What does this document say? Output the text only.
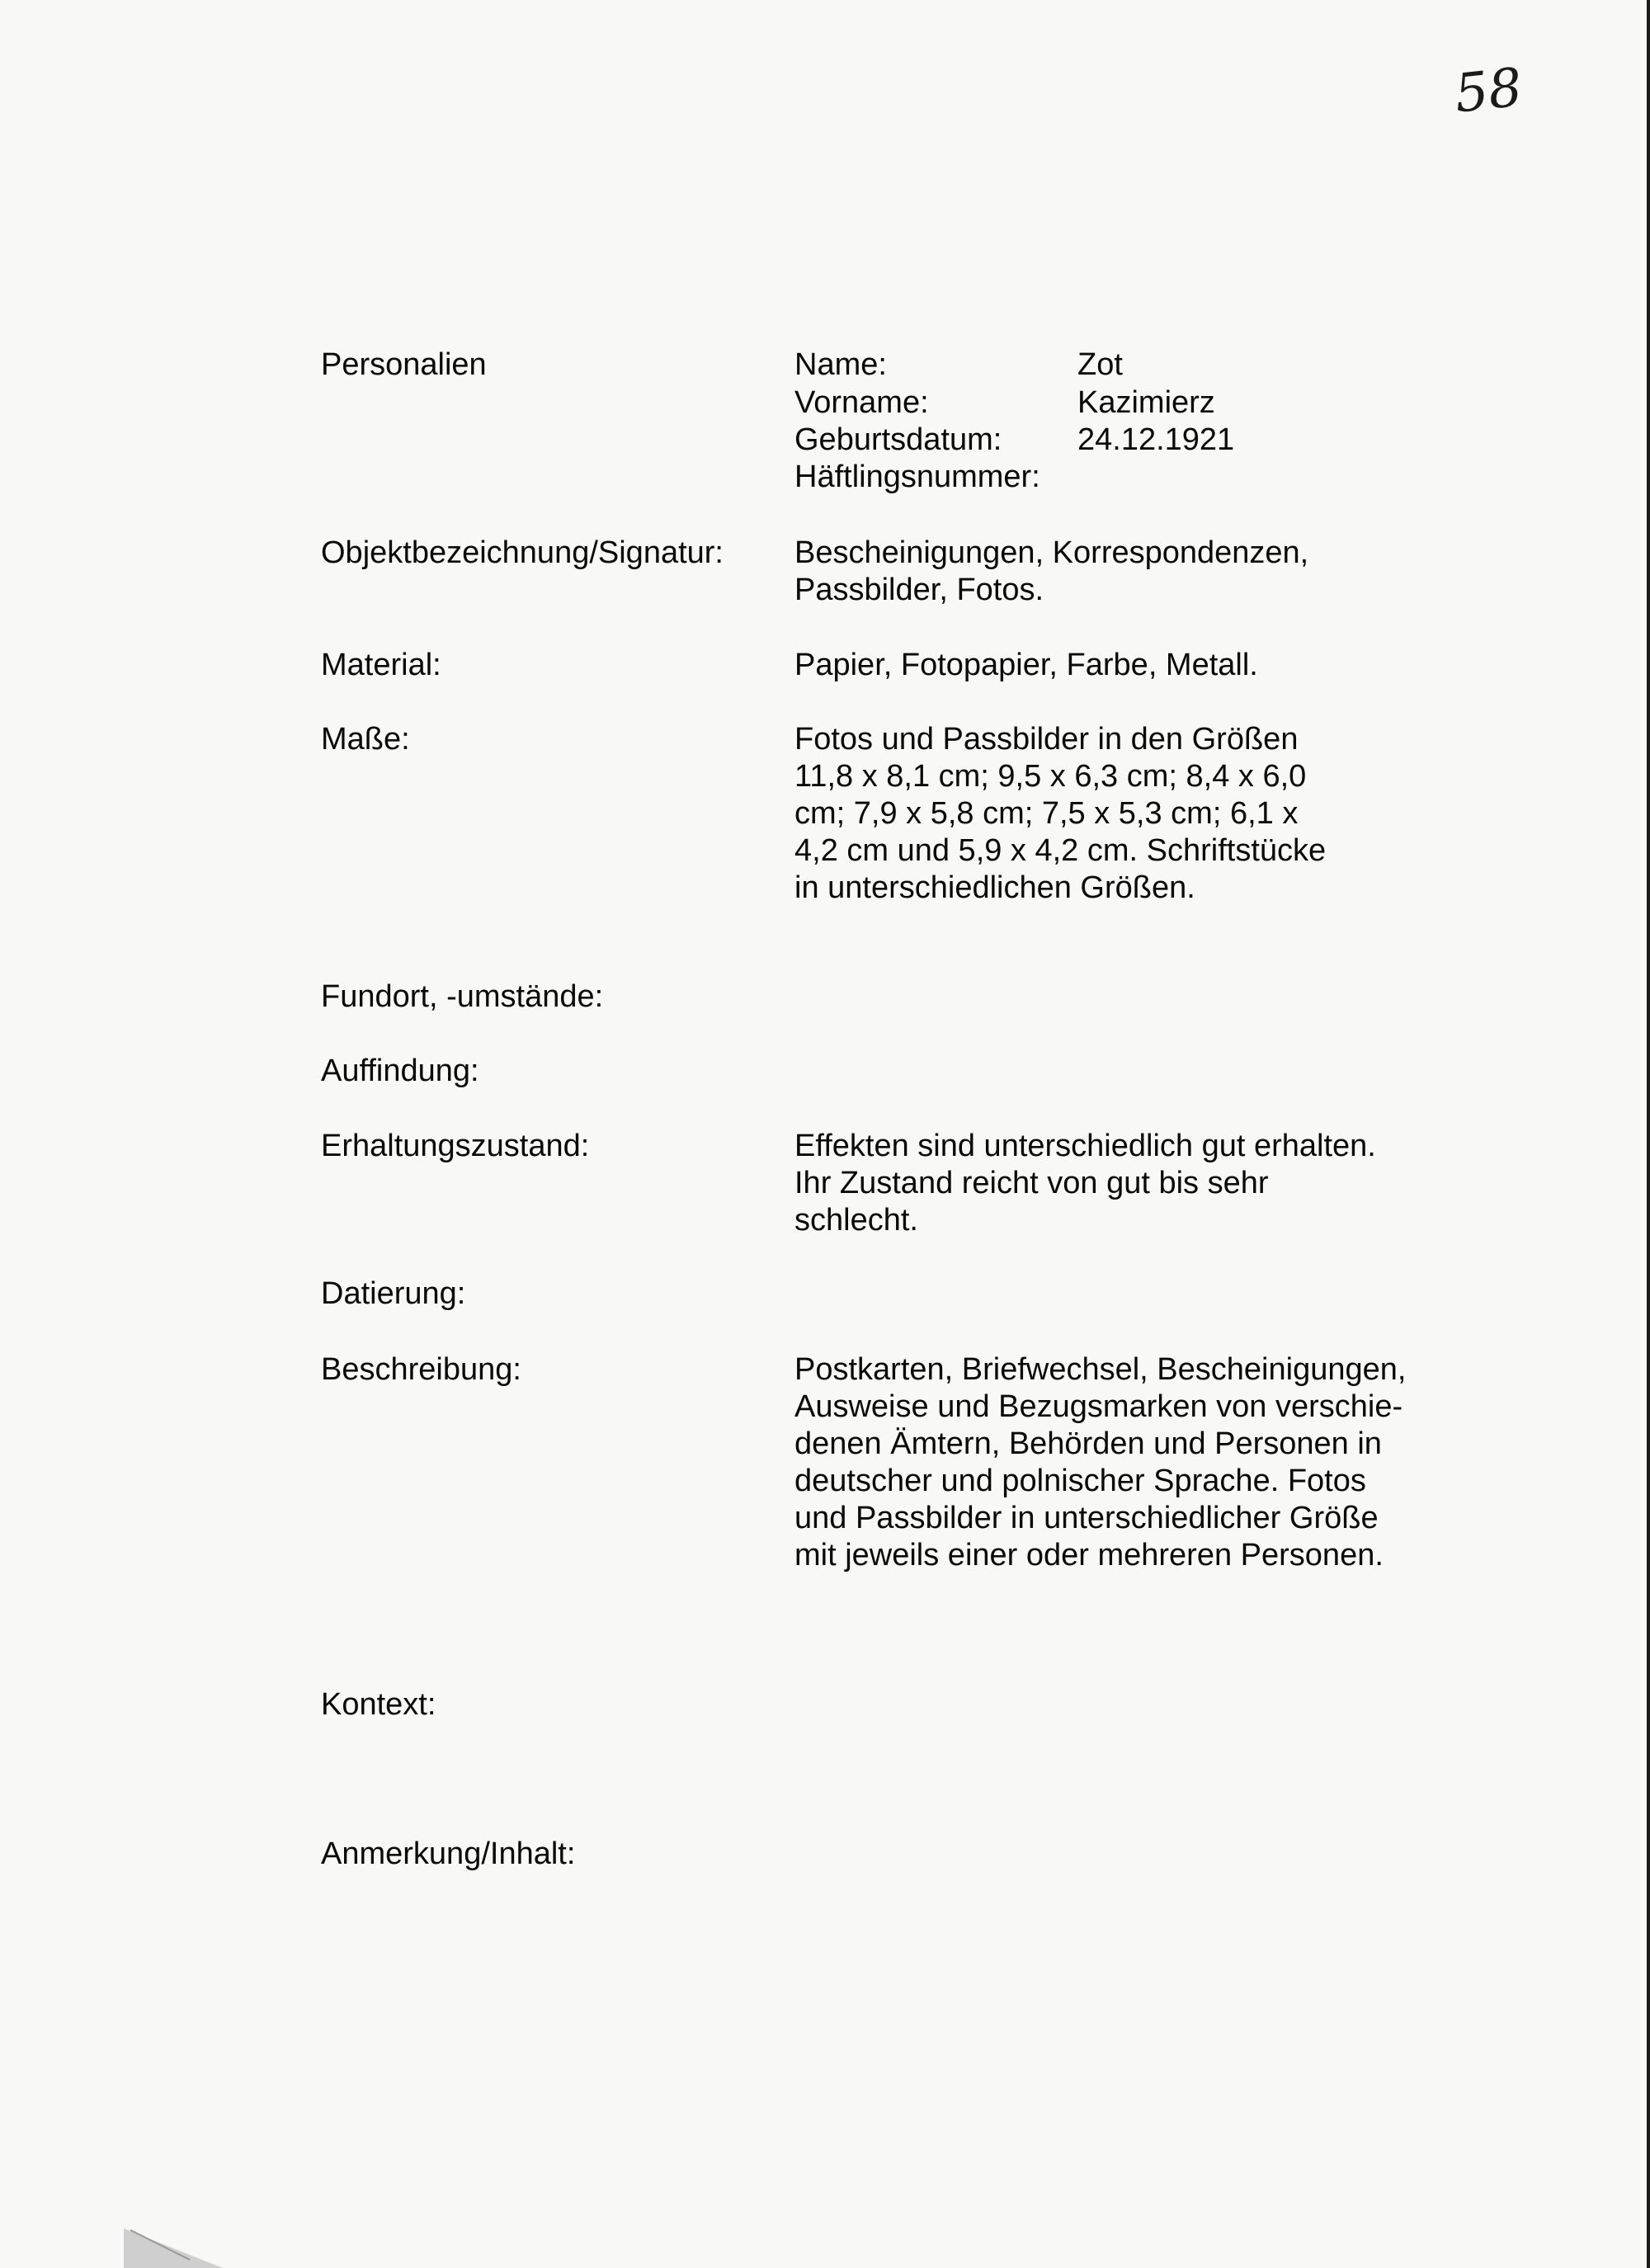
58
Personalien	Name:	Zot
Vorname:	Kazimierz
Geburtsdatum: 24.12.1921
Häftlingsnummer:
Objektbezeichnung/Signatur: Bescheinigungen, Korrespondenzen,
Passbilder, Fotos.
Material:	Papier, Fotopapier, Farbe, Metall.
Maße:	Fotos und Passbilder in den Größen
11,8 x 8,1 cm; 9,5 x 6,3 cm; 8,4 x 6,0
cm; 7,9 x 5,8 cm; 7,5 x 5,3 cm; 6,1 x
4,2 cm und 5,9 x 4,2 cm. Schriftstücke
in unterschiedlichen Größen.
Fundort, -umstände:
Auffindung:
Erhaltungszustand:	Effekten sind unterschiedlich gut erhalten.
Ihr Zustand reicht von gut bis sehr
schlecht.
Datierung:
Beschreibung:	Postkarten, Briefwechsel, Bescheinigungen,
Ausweise und Bezugsmarken von verschie-
denen Ämtern, Behörden und Personen in
deutscher und polnischer Sprache. Fotos
und Passbilder in unterschiedlicher Größe
mit jeweils einer oder mehreren Personen.
Kontext:
Anmerkung/Inhalt:
